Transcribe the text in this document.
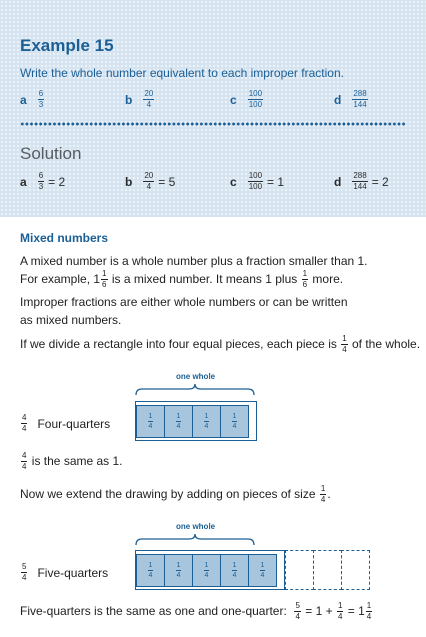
Example 15
Write the whole number equivalent to each improper fraction.
a $\frac{6}{3}$	b $\frac{20}{4}$	c $\frac{100}{100}$	d $\frac{288}{144}$
Solution
a $\frac{6}{3} = 2$	b $\frac{20}{4} = 5$	c $\frac{100}{100} = 1$	d $\frac{288}{144} = 2$
Mixed numbers
A mixed number is a whole number plus a fraction smaller than 1.
For example, $1 \frac{1}{6}$ is a mixed number. It means 1 plus $\frac{1}{6}$ more.
Improper fractions are either whole numbers or can be written
as mixed numbers.
If we divide a rectangle into four equal pieces, each piece is $\frac{1}{4}$ of the whole.
one whole
$\frac{1}{4}$	$\frac{1}{4}$	$\frac{1}{4}$	$\frac{1}{4}$
$\frac{4}{4}$ Four-quarters
$\frac{4}{4}$ is the same as 1.
Now we extend the drawing by adding on pieces of size $\frac{1}{4}$ .
one whole
$\frac{1}{4}$	$\frac{1}{4}$	$\frac{1}{4}$	$\frac{1}{4}$	$\frac{1}{4}$
$\frac{5}{4}$ Five-quarters
Five-quarters is the same as one and one-quarter: $\frac{5}{4} = 1 + \frac{1}{4} = 1 \frac{1}{4}$
